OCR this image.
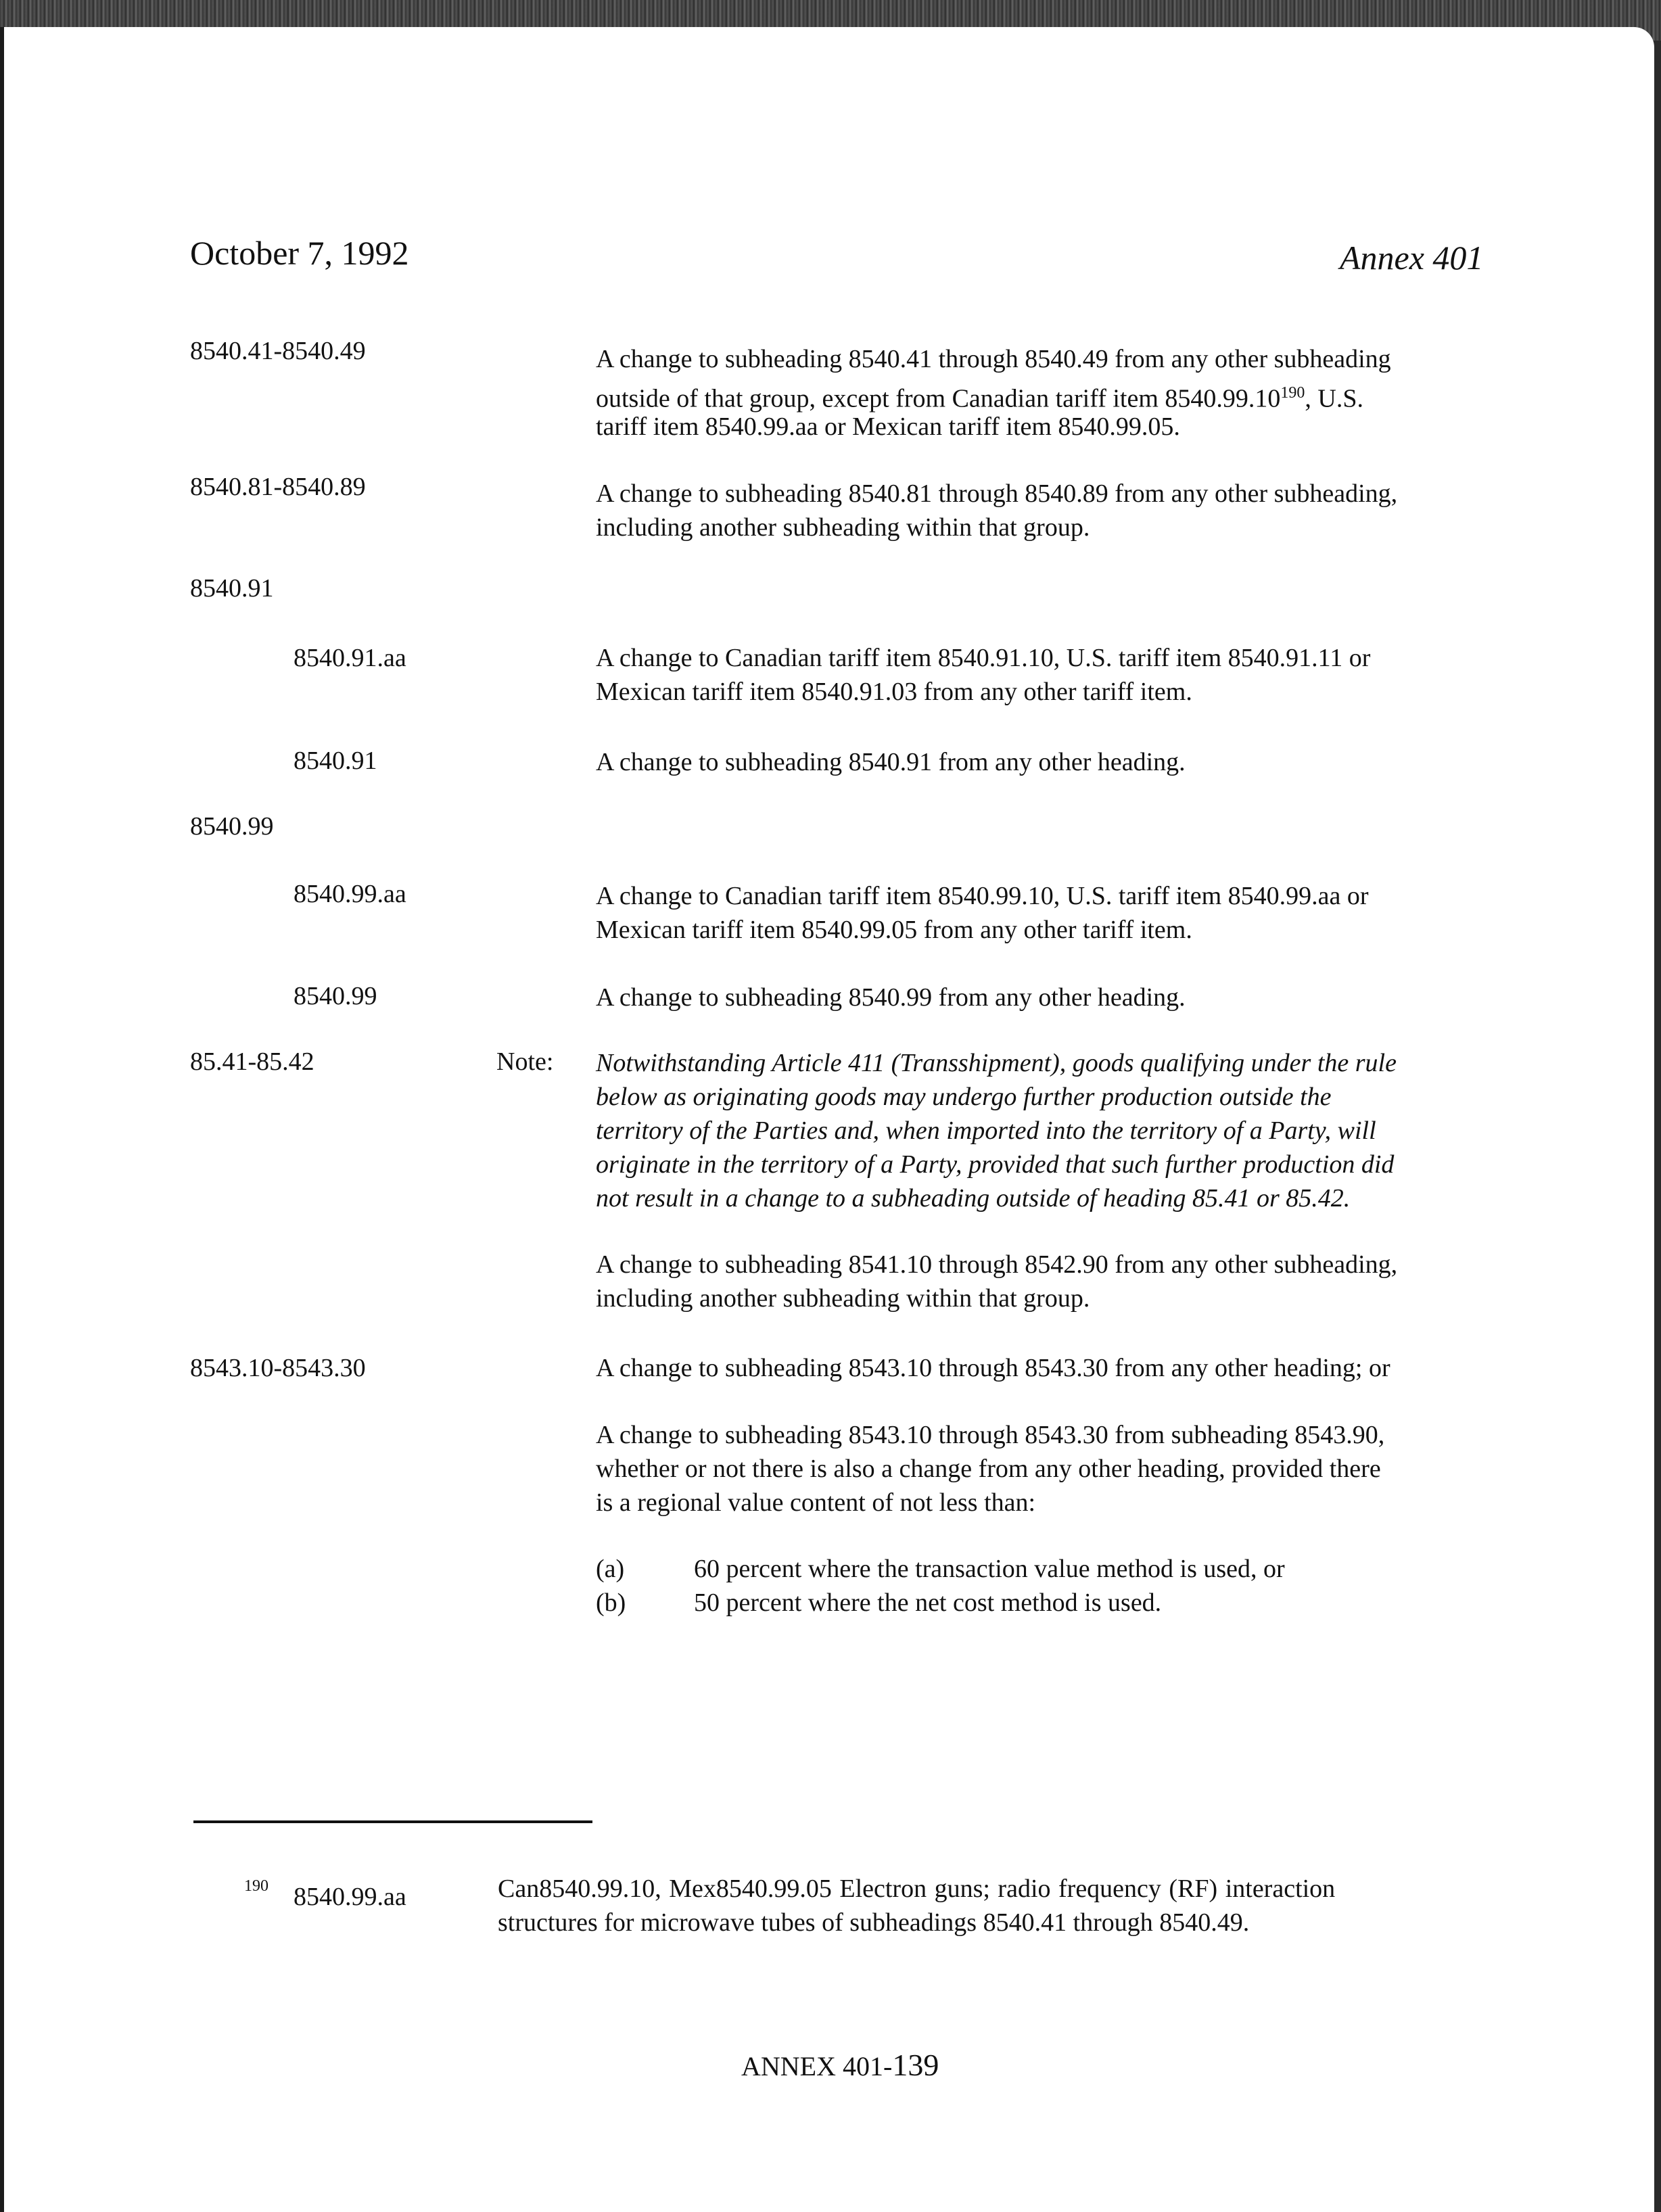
October 7, 1992	Annex 401
8540.41-8540.49	A change to subheading 8540.41 through 8540.49 from any other subheading
outside of that group, except from Canadian tariff item 8540.99.10$^{190}$, U.S.
tariff item 8540.99.aa or Mexican tariff item 8540.99.05.
8540.81-8540.89	A change to subheading 8540.81 through 8540.89 from any other subheading,
including another subheading within that group.
8540.91
8540.91.aa	A change to Canadian tariff item 8540.91.10, U.S. tariff item 8540.91.11 or
Mexican tariff item 8540.91.03 from any other tariff item.
8540.91	A change to subheading 8540.91 from any other heading.
8540.99
8540.99.aa	A change to Canadian tariff item 8540.99.10, U.S. tariff item 8540.99.aa or
Mexican tariff item 8540.99.05 from any other tariff item.
8540.99	A change to subheading 8540.99 from any other heading.
85.41-85.42	Note: Notwithstanding Article 411 (Transshipment), goods qualifying under the rule
below as originating goods may undergo further production outside the
territory of the Parties and, when imported into the territory of a Party, will
originate in the territory of a Party, provided that such further production did
not result in a change to a subheading outside of heading 85.41 or 85.42.
A change to subheading 8541.10 through 8542.90 from any other subheading,
including another subheading within that group.
8543.10-8543.30	A change to subheading 8543.10 through 8543.30 from any other heading; or
A change to subheading 8543.10 through 8543.30 from subheading 8543.90,
whether or not there is also a change from any other heading, provided there
is a regional value content of not less than:
(a)	60 percent where the transaction value method is used, or
(b)	50 percent where the net cost method is used.
190 8540.99.aa	Can8540.99.10, Mex8540.99.05 Electron guns; radio frequency (RF) interaction
structures for microwave tubes of subheadings 8540.41 through 8540.49.
ANNEX 401-139
